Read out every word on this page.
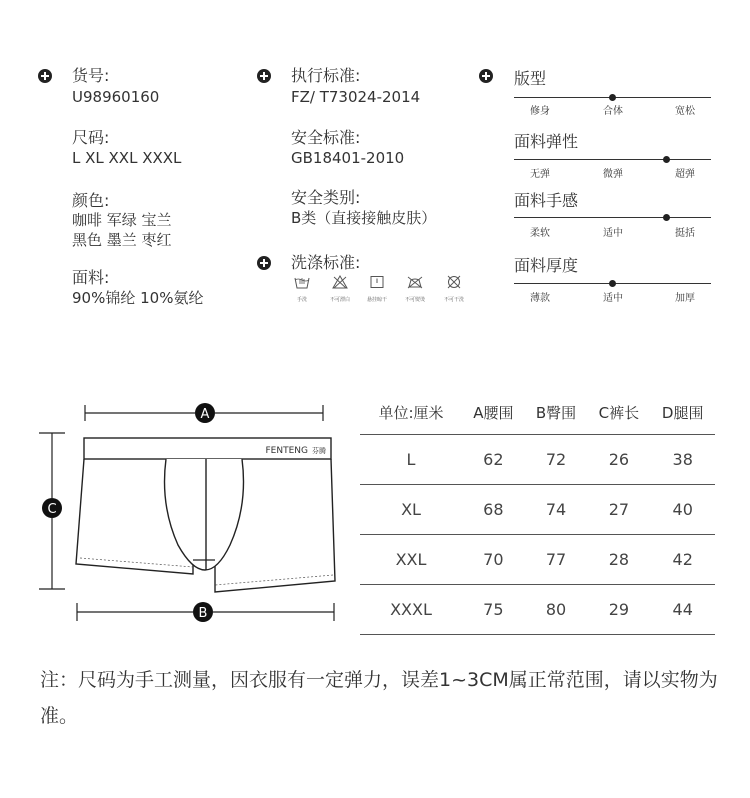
货号:
U98960160
尺码:
L XL XXL XXXL
颜色:
咖啡 军绿 宝兰
黑色 墨兰 枣红
面料:
90%锦纶 10%氨纶
执行标准:
FZ/ T73024-2014
安全标准:
GB18401-2010
安全类别:
B类（直接接触皮肤）
洗涤标准:
手洗	不可漂白	悬挂晾干	不可熨烫	不可干洗
版型
修身	合体	宽松
面料弹性
无弹	微弹	超弹
面料手感
柔软	适中	挺括
面料厚度
薄款	适中	加厚
A
C
FENTENG 芬腾
B
单位:厘米	A腰围	B臀围	C裤长	D腿围
L	62	72	26	38
XL	68	74	27	40
XXL	70	77	28	42
XXXL	75	80	29	44
注：尺码为手工测量，因衣服有一定弹力，误差1~3CM属正常范围，请以实物为准。
